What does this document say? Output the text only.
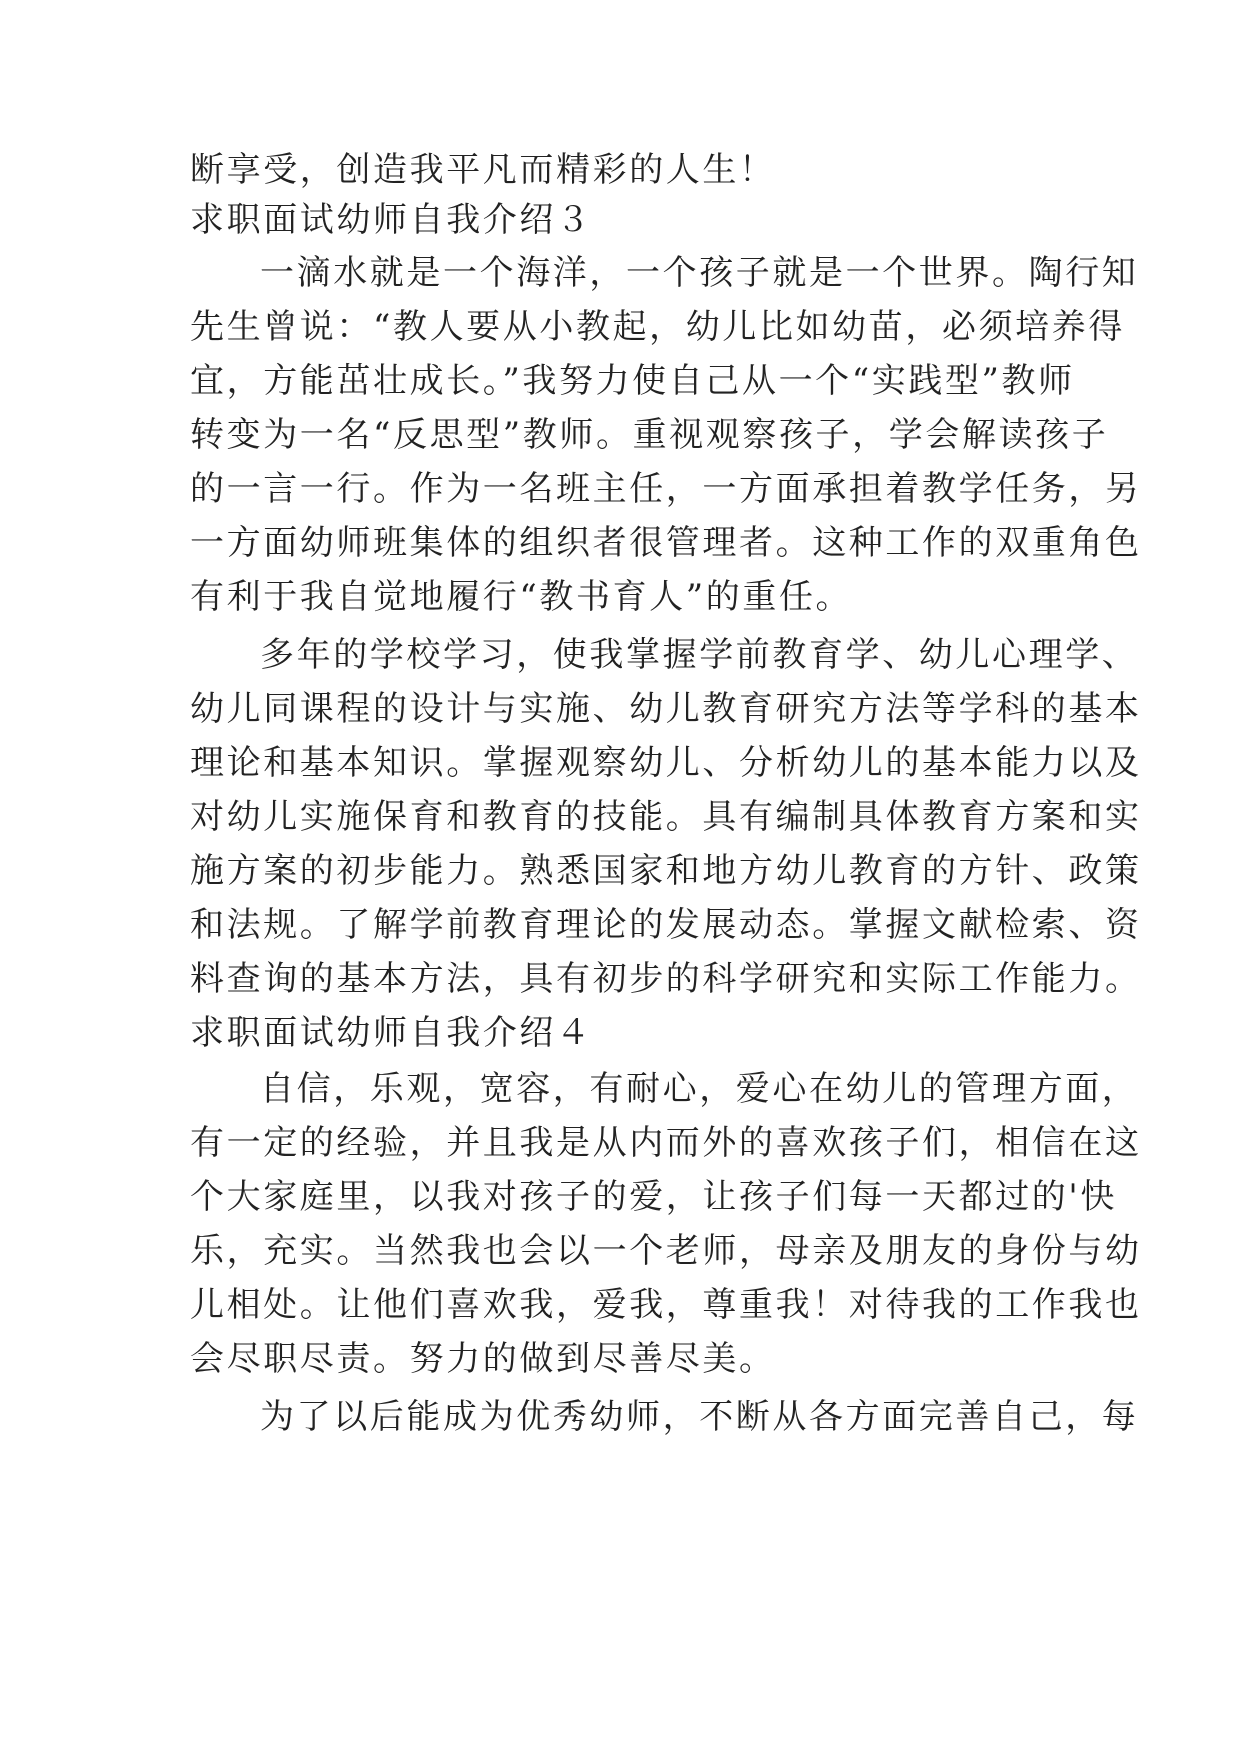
断享受，创造我平凡而精彩的人生！
求职面试幼师自我介绍３
一滴水就是一个海洋，一个孩子就是一个世界。陶行知
先生曾说：“教人要从小教起，幼儿比如幼苗，必须培养得
宜，方能茁壮成长。”我努力使自己从一个“实践型”教师
转变为一名“反思型”教师。重视观察孩子，学会解读孩子
的一言一行。作为一名班主任，一方面承担着教学任务，另
一方面幼师班集体的组织者很管理者。这种工作的双重角色
有利于我自觉地履行“教书育人”的重任。
多年的学校学习，使我掌握学前教育学、幼儿心理学、
幼儿同课程的设计与实施、幼儿教育研究方法等学科的基本
理论和基本知识。掌握观察幼儿、分析幼儿的基本能力以及
对幼儿实施保育和教育的技能。具有编制具体教育方案和实
施方案的初步能力。熟悉国家和地方幼儿教育的方针、政策
和法规。了解学前教育理论的发展动态。掌握文献检索、资
料查询的基本方法，具有初步的科学研究和实际工作能力。
求职面试幼师自我介绍４
自信，乐观，宽容，有耐心，爱心在幼儿的管理方面，
有一定的经验，并且我是从内而外的喜欢孩子们，相信在这
个大家庭里，以我对孩子的爱，让孩子们每一天都过的'快
乐，充实。当然我也会以一个老师，母亲及朋友的身份与幼
儿相处。让他们喜欢我，爱我，尊重我！对待我的工作我也
会尽职尽责。努力的做到尽善尽美。
为了以后能成为优秀幼师，不断从各方面完善自己，每
